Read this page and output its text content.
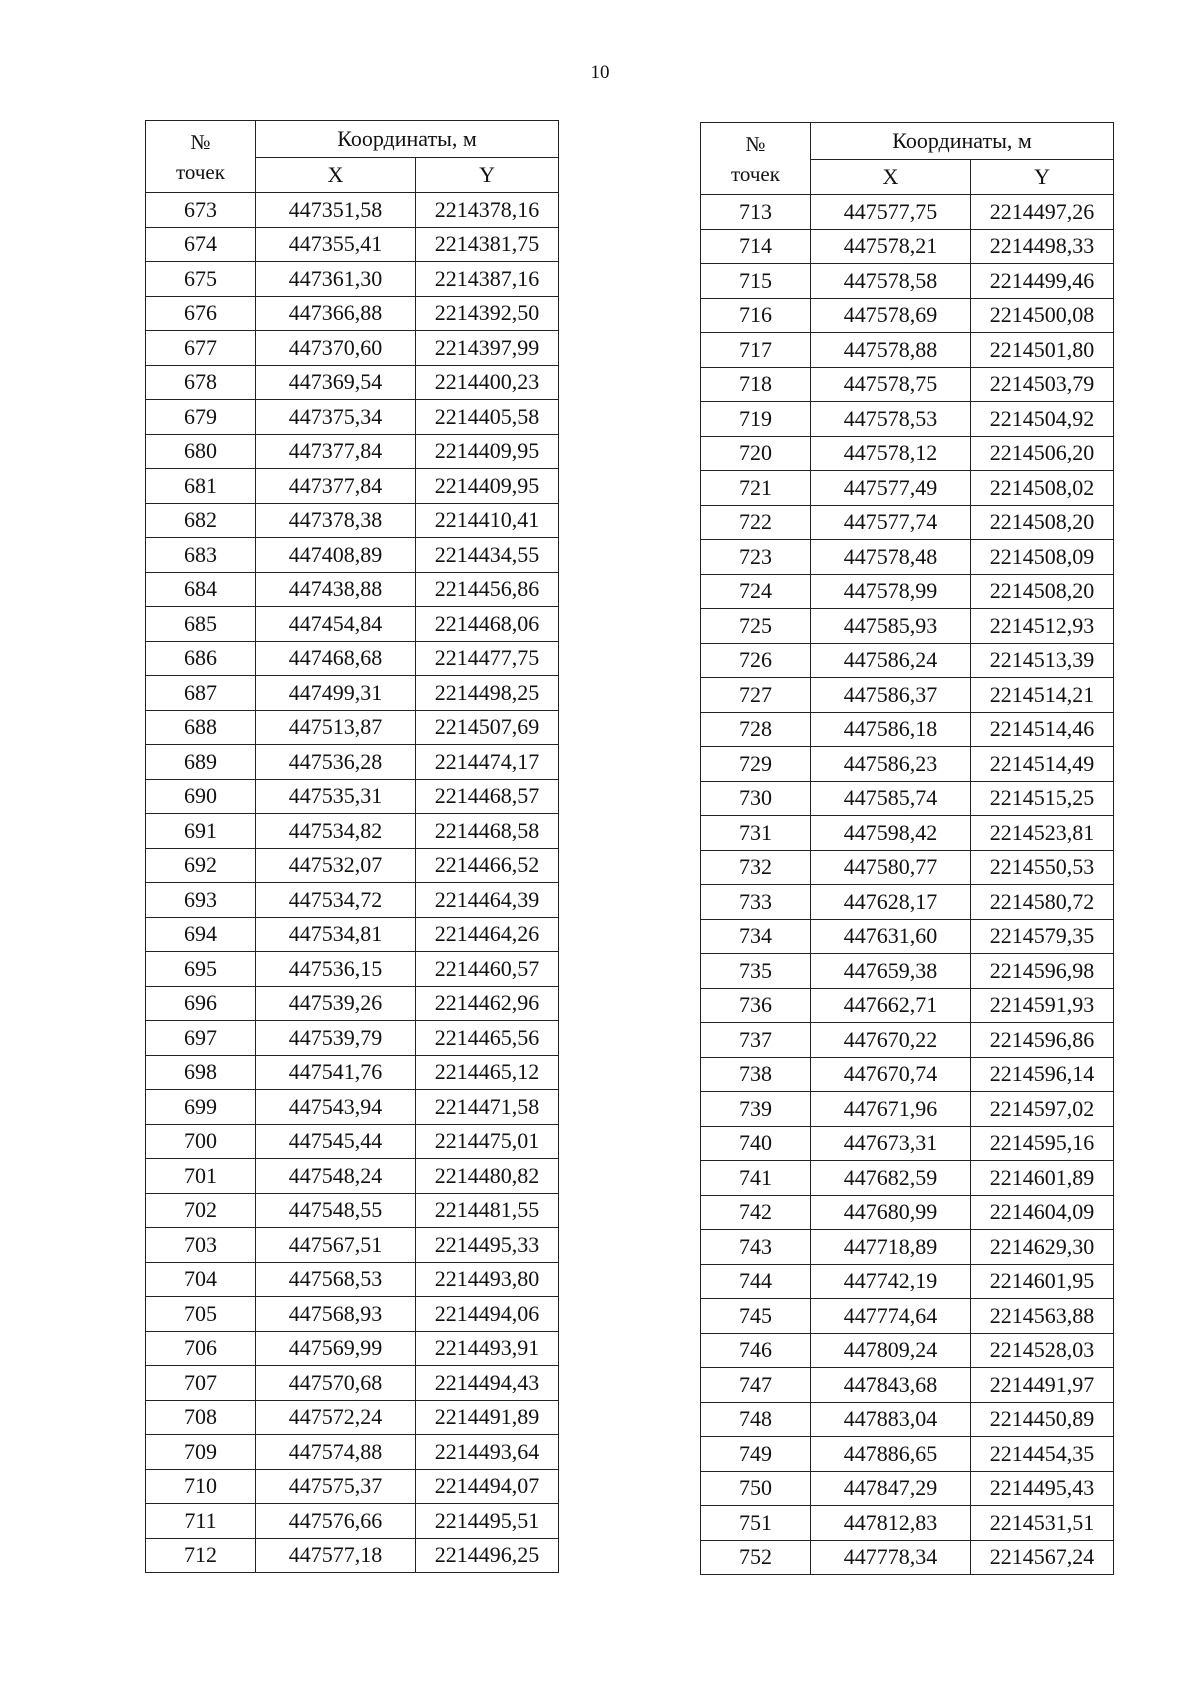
10
№
точек	Координаты, м	
	X	Y
673	447351,58	2214378,16
674	447355,41	2214381,75
675	447361,30	2214387,16
676	447366,88	2214392,50
677	447370,60	2214397,99
678	447369,54	2214400,23
679	447375,34	2214405,58
680	447377,84	2214409,95
681	447377,84	2214409,95
682	447378,38	2214410,41
683	447408,89	2214434,55
684	447438,88	2214456,86
685	447454,84	2214468,06
686	447468,68	2214477,75
687	447499,31	2214498,25
688	447513,87	2214507,69
689	447536,28	2214474,17
690	447535,31	2214468,57
691	447534,82	2214468,58
692	447532,07	2214466,52
693	447534,72	2214464,39
694	447534,81	2214464,26
695	447536,15	2214460,57
696	447539,26	2214462,96
697	447539,79	2214465,56
698	447541,76	2214465,12
699	447543,94	2214471,58
700	447545,44	2214475,01
701	447548,24	2214480,82
702	447548,55	2214481,55
703	447567,51	2214495,33
704	447568,53	2214493,80
705	447568,93	2214494,06
706	447569,99	2214493,91
707	447570,68	2214494,43
708	447572,24	2214491,89
709	447574,88	2214493,64
710	447575,37	2214494,07
711	447576,66	2214495,51
712	447577,18	2214496,25
№
точек	Координаты, м	
	X	Y
713	447577,75	2214497,26
714	447578,21	2214498,33
715	447578,58	2214499,46
716	447578,69	2214500,08
717	447578,88	2214501,80
718	447578,75	2214503,79
719	447578,53	2214504,92
720	447578,12	2214506,20
721	447577,49	2214508,02
722	447577,74	2214508,20
723	447578,48	2214508,09
724	447578,99	2214508,20
725	447585,93	2214512,93
726	447586,24	2214513,39
727	447586,37	2214514,21
728	447586,18	2214514,46
729	447586,23	2214514,49
730	447585,74	2214515,25
731	447598,42	2214523,81
732	447580,77	2214550,53
733	447628,17	2214580,72
734	447631,60	2214579,35
735	447659,38	2214596,98
736	447662,71	2214591,93
737	447670,22	2214596,86
738	447670,74	2214596,14
739	447671,96	2214597,02
740	447673,31	2214595,16
741	447682,59	2214601,89
742	447680,99	2214604,09
743	447718,89	2214629,30
744	447742,19	2214601,95
745	447774,64	2214563,88
746	447809,24	2214528,03
747	447843,68	2214491,97
748	447883,04	2214450,89
749	447886,65	2214454,35
750	447847,29	2214495,43
751	447812,83	2214531,51
752	447778,34	2214567,24
